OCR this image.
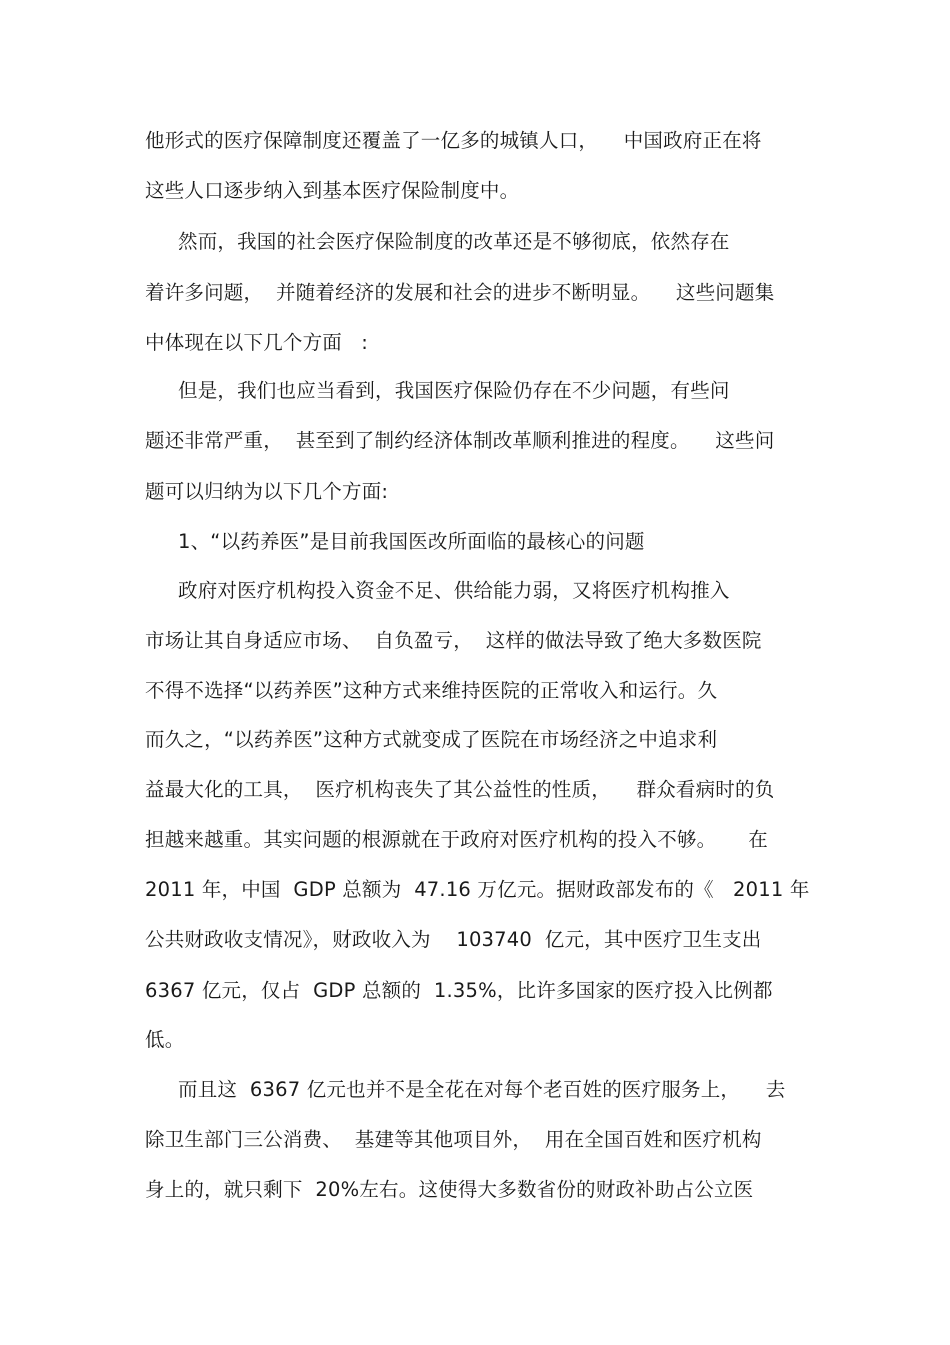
他形式的医疗保障制度还覆盖了一亿多的城镇人口，    中国政府正在将
这些人口逐步纳入到基本医疗保险制度中。
然而，我国的社会医疗保险制度的改革还是不够彻底，依然存在
着许多问题，  并随着经济的发展和社会的进步不断明显。    这些问题集
中体现在以下几个方面   :
但是，我们也应当看到，我国医疗保险仍存在不少问题，有些问
题还非常严重，  甚至到了制约经济体制改革顺利推进的程度。    这些问
题可以归纳为以下几个方面:
1、“以药养医”是目前我国医改所面临的最核心的问题
政府对医疗机构投入资金不足、供给能力弱，又将医疗机构推入
市场让其自身适应市场、  自负盈亏，  这样的做法导致了绝大多数医院
不得不选择“以药养医”这种方式来维持医院的正常收入和运行。久
而久之，“以药养医”这种方式就变成了医院在市场经济之中追求利
益最大化的工具，  医疗机构丧失了其公益性的性质，    群众看病时的负
担越来越重。其实问题的根源就在于政府对医疗机构的投入不够。     在
2011 年，中国  GDP 总额为  47.16 万亿元。据财政部发布的《   2011 年
公共财政收支情况》，财政收入为    103740  亿元，其中医疗卫生支出
6367 亿元，仅占  GDP 总额的  1.35%，比许多国家的医疗投入比例都
低。
而且这  6367 亿元也并不是全花在对每个老百姓的医疗服务上，    去
除卫生部门三公消费、  基建等其他项目外，  用在全国百姓和医疗机构
身上的，就只剩下  20%左右。这使得大多数省份的财政补助占公立医
